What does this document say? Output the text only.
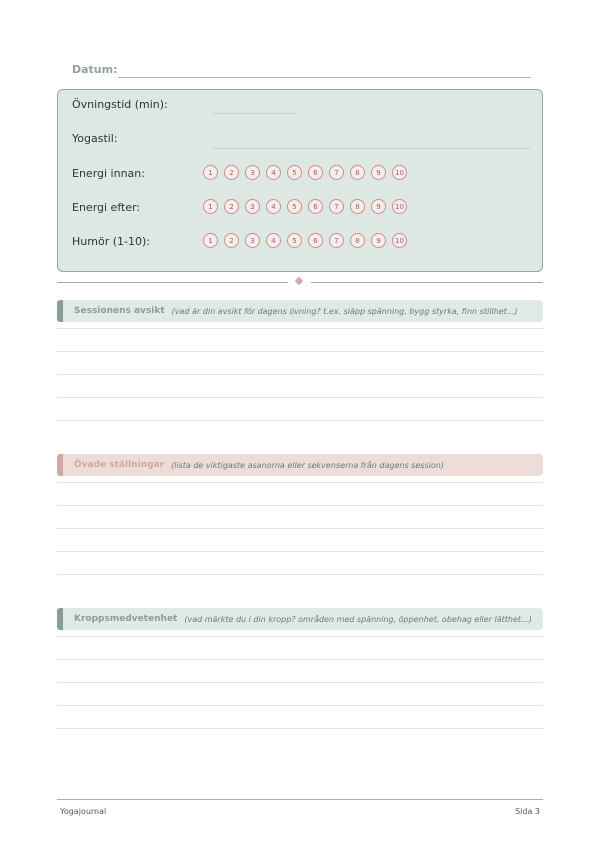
Datum:
Övningstid (min):
Yogastil:
Energi innan:	1	2	3	4	5	6	7	8	9	10
Energi efter:	1	2	3	4	5	6	7	8	9	10
Humör (1-10):	1	2	3	4	5	6	7	8	9	10
Sessionens avsikt (vad är din avsikt för dagens övning? t.ex. släpp spänning, bygg styrka, finn stillhet...)
Övade ställningar (lista de viktigaste asanorna eller sekvenserna från dagens session)
Kroppsmedvetenhet (vad märkte du i din kropp? områden med spänning, öppenhet, obehag eller lätthet...)
Yogajournal	Sida 3
